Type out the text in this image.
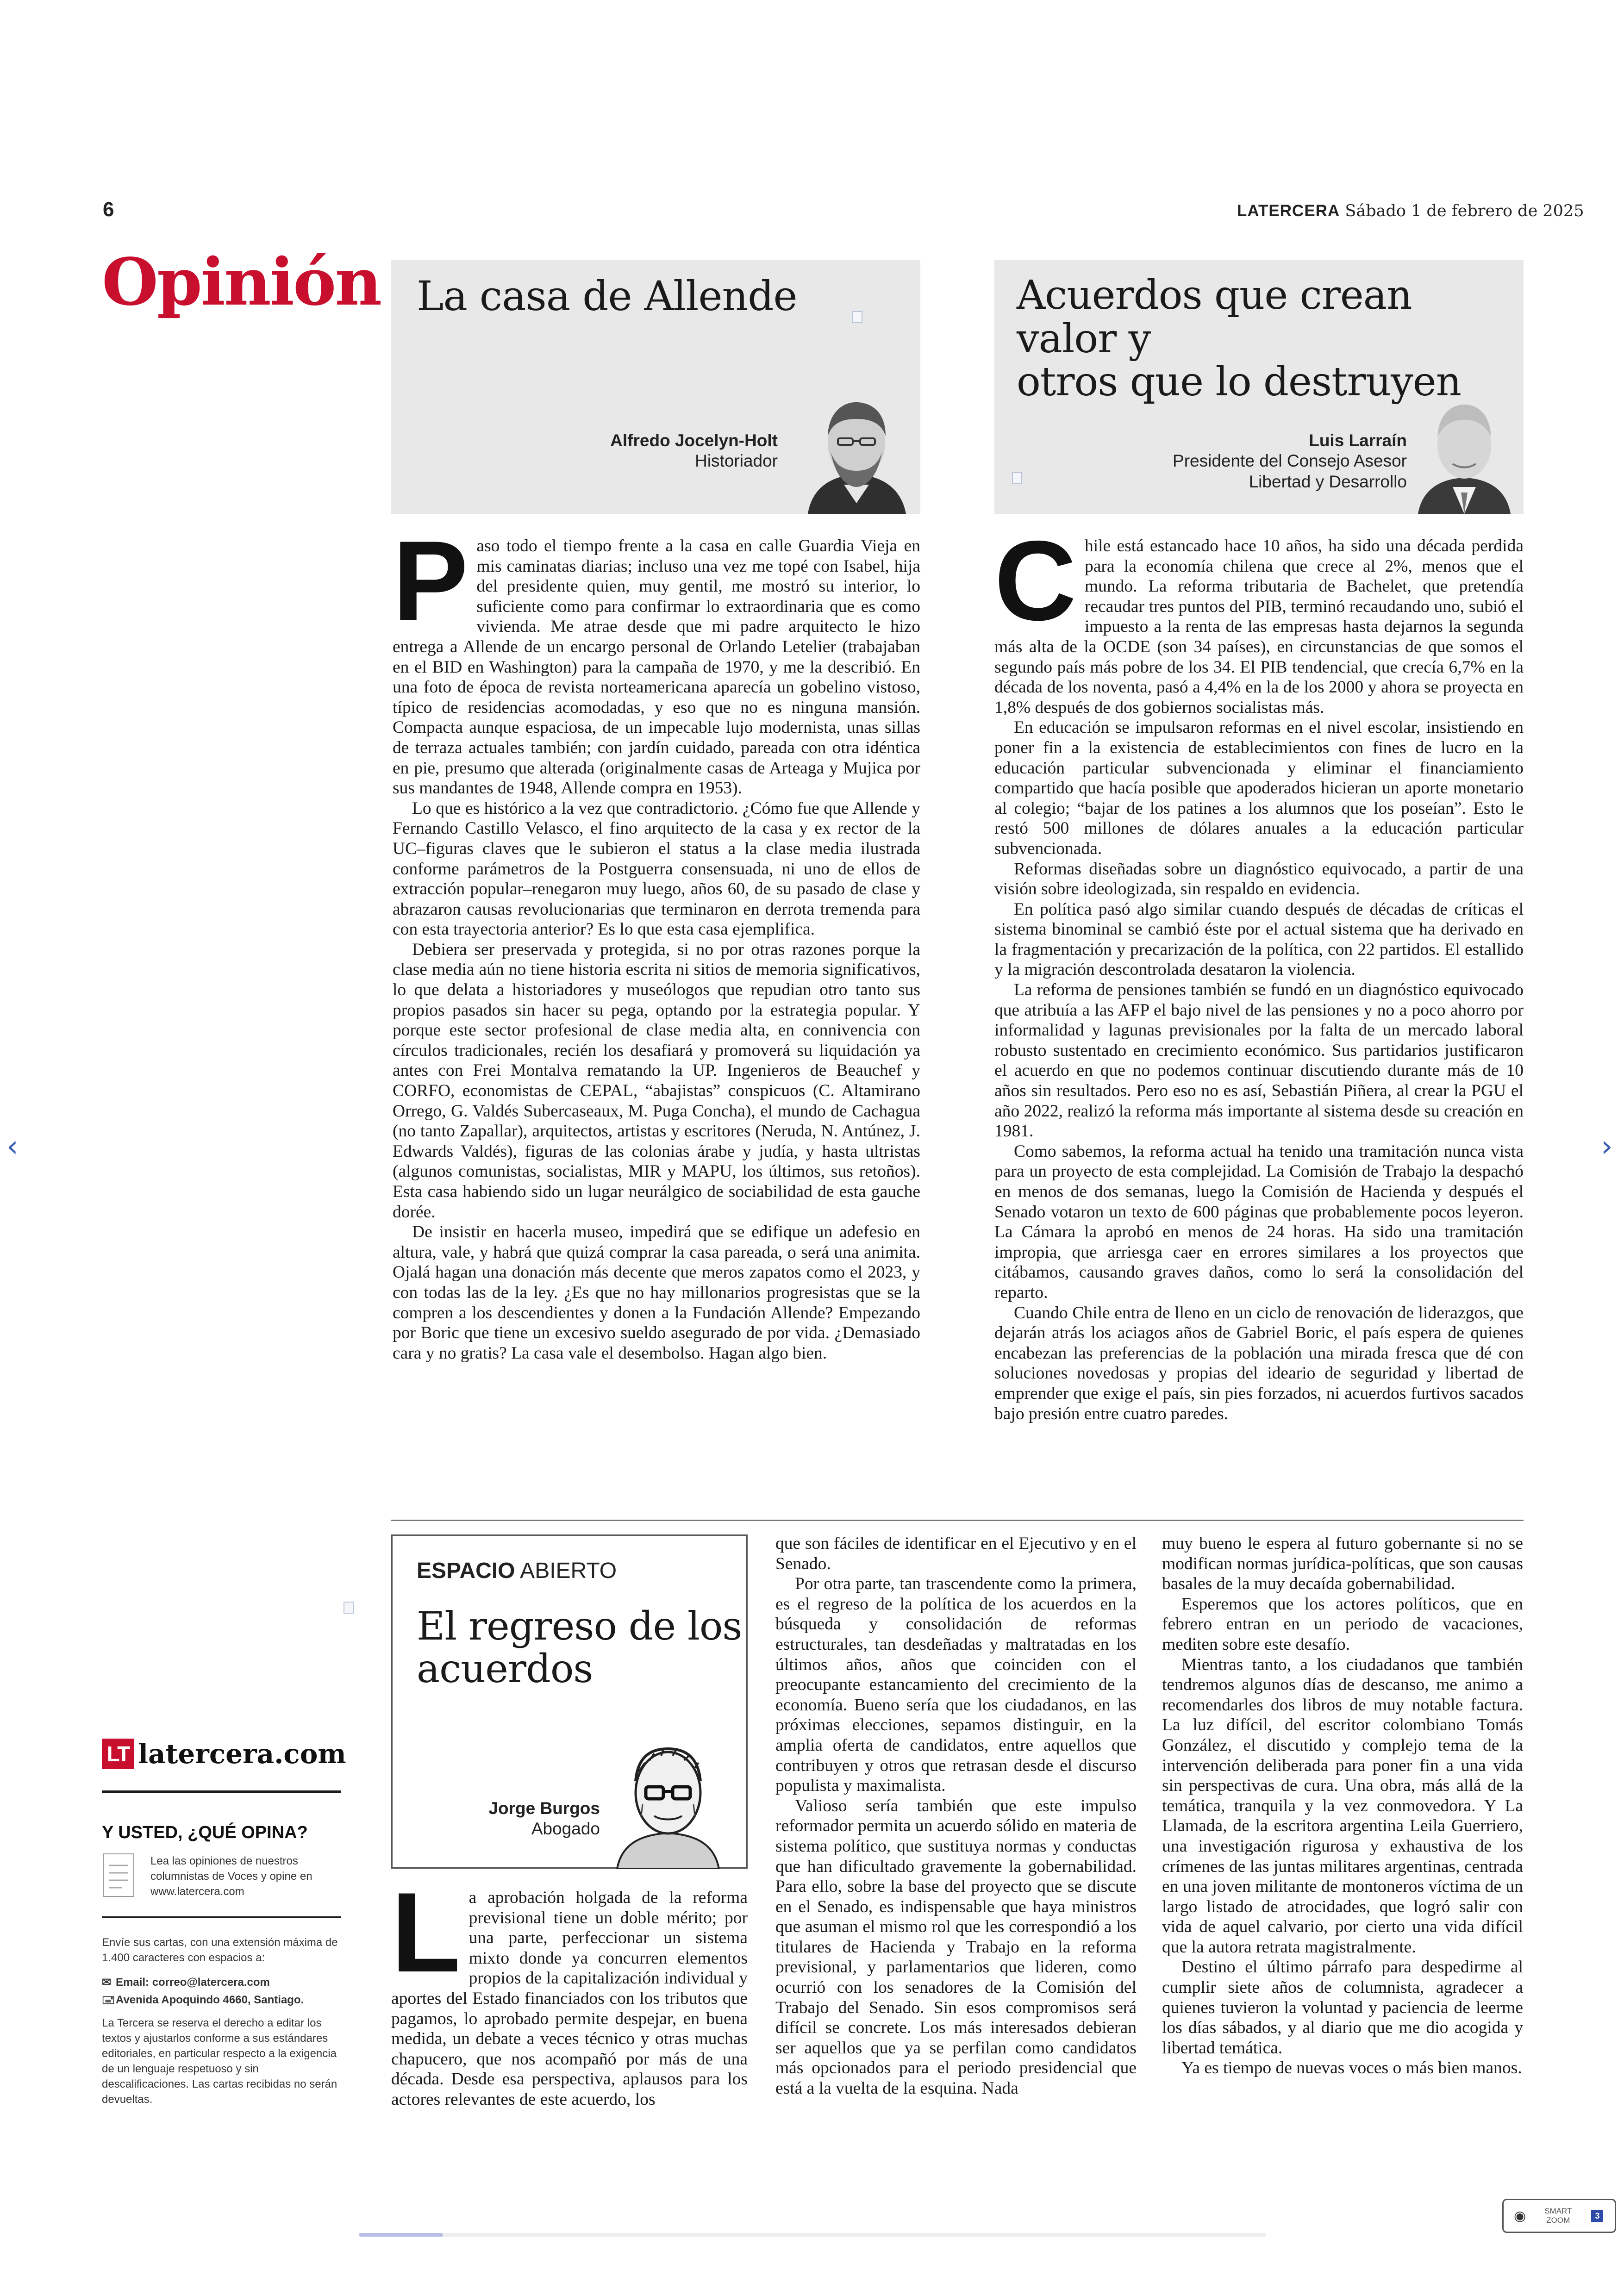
6	LATERCERA Sábado 1 de febrero de 2025
Opinión La casa de Allende
Alfredo Jocelyn-Holt
Historiador
Acuerdos que crean valor y
otros que lo destruyen
Luis Larraín
Presidente del Consejo Asesor
Libertad y Desarrollo
P aso todo el tiempo frente a la casa en calle Guardia Vieja en mis caminatas diarias; incluso una vez me topé con Isabel, hija del presidente quien, muy gentil, me mostró su interior, lo suficiente como para confirmar lo extraordinaria que es como vivienda. Me atrae desde que mi padre arquitecto le hizo entrega a Allende de un encargo personal de Orlando Letelier (trabajaban en el BID en Washington) para la campaña de 1970, y me la describió. En una foto de época de revista norteamericana aparecía un gobelino vistoso, típico de residencias acomodadas, y eso que no es ninguna mansión. Compacta aunque espaciosa, de un impecable lujo modernista, unas sillas de terraza actuales también; con jardín cuidado, pareada con otra idéntica en pie, presumo que alterada (originalmente casas de Arteaga y Mujica por sus mandantes de 1948, Allende compra en 1953).

Lo que es histórico a la vez que contradictorio. ¿Cómo fue que Allende y Fernando Castillo Velasco, el fino arquitecto de la casa y ex rector de la UC–figuras claves que le subieron el status a la clase media ilustrada conforme parámetros de la Postguerra consensuada, ni uno de ellos de extracción popular–renegaron muy luego, años 60, de su pasado de clase y abrazaron causas revolucionarias que terminaron en derrota tremenda para con esta trayectoria anterior? Es lo que esta casa ejemplifica.

Debiera ser preservada y protegida, si no por otras razones porque la clase media aún no tiene historia escrita ni sitios de memoria significativos, lo que delata a historiadores y museólogos que repudian otro tanto sus propios pasados sin hacer su pega, optando por la estrategia popular. Y porque este sector profesional de clase media alta, en connivencia con círculos tradicionales, recién los desafiará y promoverá su liquidación ya antes con Frei Montalva rematando la UP. Ingenieros de Beauchef y CORFO, economistas de CEPAL, “abajistas” conspicuos (C. Altamirano Orrego, G. Valdés Subercaseaux, M. Puga Concha), el mundo de Cachagua (no tanto Zapallar), arquitectos, artistas y escritores (Neruda, N. Antúnez, J. Edwards Valdés), figuras de las colonias árabe y judía, y hasta ultristas (algunos comunistas, socialistas, MIR y MAPU, los últimos, sus retoños). Esta casa habiendo sido un lugar neurálgico de sociabilidad de esta gauche dorée.

De insistir en hacerla museo, impedirá que se edifique un adefesio en altura, vale, y habrá que quizá comprar la casa pareada, o será una animita. Ojalá hagan una donación más decente que meros zapatos como el 2023, y con todas las de la ley. ¿Es que no hay millonarios progresistas que se la compren a los descendientes y donen a la Fundación Allende? Empezando por Boric que tiene un excesivo sueldo asegurado de por vida. ¿Demasiado cara y no gratis? La casa vale el desembolso. Hagan algo bien.

C hile está estancado hace 10 años, ha sido una década perdida para la economía chilena que crece al 2%, menos que el mundo. La reforma tributaria de Bachelet, que pretendía recaudar tres puntos del PIB, terminó recaudando uno, subió el impuesto a la renta de las empresas hasta dejarnos la segunda más alta de la OCDE (son 34 países), en circunstancias de que somos el segundo país más pobre de los 34. El PIB tendencial, que crecía 6,7% en la década de los noventa, pasó a 4,4% en la de los 2000 y ahora se proyecta en 1,8% después de dos gobiernos socialistas más.

En educación se impulsaron reformas en el nivel escolar, insistiendo en poner fin a la existencia de establecimientos con fines de lucro en la educación particular subvencionada y eliminar el financiamiento compartido que hacía posible que apoderados hicieran un aporte monetario al colegio; “bajar de los patines a los alumnos que los poseían”. Esto le restó 500 millones de dólares anuales a la educación particular subvencionada.

Reformas diseñadas sobre un diagnóstico equivocado, a partir de una visión sobre ideologizada, sin respaldo en evidencia.

En política pasó algo similar cuando después de décadas de críticas el sistema binominal se cambió éste por el actual sistema que ha derivado en la fragmentación y precarización de la política, con 22 partidos. El estallido y la migración descontrolada desataron la violencia.

La reforma de pensiones también se fundó en un diagnóstico equivocado que atribuía a las AFP el bajo nivel de las pensiones y no a poco ahorro por informalidad y lagunas previsionales por la falta de un mercado laboral robusto sustentado en crecimiento económico. Sus partidarios justificaron el acuerdo en que no podemos continuar discutiendo durante más de 10 años sin resultados. Pero eso no es así, Sebastián Piñera, al crear la PGU el año 2022, realizó la reforma más importante al sistema desde su creación en 1981.

Como sabemos, la reforma actual ha tenido una tramitación nunca vista para un proyecto de esta complejidad. La Comisión de Trabajo la despachó en menos de dos semanas, luego la Comisión de Hacienda y después el Senado votaron un texto de 600 páginas que probablemente pocos leyeron. La Cámara la aprobó en menos de 24 horas. Ha sido una tramitación impropia, que arriesga caer en errores similares a los proyectos que citábamos, causando graves daños, como lo será la consolidación del reparto.

Cuando Chile entra de lleno en un ciclo de renovación de liderazgos, que dejarán atrás los aciagos años de Gabriel Boric, el país espera de quienes encabezan las preferencias de la población una mirada fresca que dé con soluciones novedosas y propias del ideario de seguridad y libertad de emprender que exige el país, sin pies forzados, ni acuerdos furtivos sacados bajo presión entre cuatro paredes.

ESPACIO ABIERTO
El regreso de los
acuerdos
Jorge Burgos
Abogado
L a aprobación holgada de la reforma previsional tiene un doble mérito; por una parte, perfeccionar un sistema mixto donde ya concurren elementos propios de la capitalización individual y aportes del Estado financiados con los tributos que pagamos, lo aprobado permite despejar, en buena medida, un debate a veces técnico y otras muchas chapucero, que nos acompañó por más de una década. Desde esa perspectiva, aplausos para los actores relevantes de este acuerdo, los

que son fáciles de identificar en el Ejecutivo y en el Senado.

Por otra parte, tan trascendente como la primera, es el regreso de la política de los acuerdos en la búsqueda y consolidación de reformas estructurales, tan desdeñadas y maltratadas en los últimos años, años que coinciden con el preocupante estancamiento del crecimiento de la economía. Bueno sería que los ciudadanos, en las próximas elecciones, sepamos distinguir, en la amplia oferta de candidatos, entre aquellos que contribuyen y otros que retrasan desde el discurso populista y maximalista.

Valioso sería también que este impulso reformador permita un acuerdo sólido en materia de sistema político, que sustituya normas y conductas que han dificultado gravemente la gobernabilidad. Para ello, sobre la base del proyecto que se discute en el Senado, es indispensable que haya ministros que asuman el mismo rol que les correspondió a los titulares de Hacienda y Trabajo en la reforma previsional, y parlamentarios que lideren, como ocurrió con los senadores de la Comisión del Trabajo del Senado. Sin esos compromisos será difícil se concrete. Los más interesados debieran ser aquellos que ya se perfilan como candidatos más opcionados para el periodo presidencial que está a la vuelta de la esquina. Nada

muy bueno le espera al futuro gobernante si no se modifican normas jurídica-políticas, que son causas basales de la muy decaída gobernabilidad.

Esperemos que los actores políticos, que en febrero entran en un periodo de vacaciones, mediten sobre este desafío.

Mientras tanto, a los ciudadanos que también tendremos algunos días de descanso, me animo a recomendarles dos libros de muy notable factura. La luz difícil, del escritor colombiano Tomás González, el discutido y complejo tema de la intervención deliberada para poner fin a una vida sin perspectivas de cura. Una obra, más allá de la temática, tranquila y la vez conmovedora. Y La Llamada, de la escritora argentina Leila Guerriero, una investigación rigurosa y exhaustiva de los crímenes de las juntas militares argentinas, centrada en una joven militante de montoneros víctima de un largo listado de atrocidades, que logró salir con vida de aquel calvario, por cierto una vida difícil que la autora retrata magistralmente.

Destino el último párrafo para despedirme al cumplir siete años de columnista, agradecer a quienes tuvieron la voluntad y paciencia de leerme los días sábados, y al diario que me dio acogida y libertad temática.

Ya es tiempo de nuevas voces o más bien manos.

LT latercera.com
Y USTED, ¿QUÉ OPINA?
Lea las opiniones de nuestros columnistas de Voces y opine en www.latercera.com
Envíe sus cartas, con una extensión máxima de 1.400 caracteres con espacios a:
✉ Email: correo@latercera.com
🖃Avenida Apoquindo 4660, Santiago.
La Tercera se reserva el derecho a editar los textos y ajustarlos conforme a sus estándares editoriales, en particular respecto a la exigencia de un lenguaje respetuoso y sin descalificaciones. Las cartas recibidas no serán devueltas.
‹	›
◉ SMART
ZOOM	3
